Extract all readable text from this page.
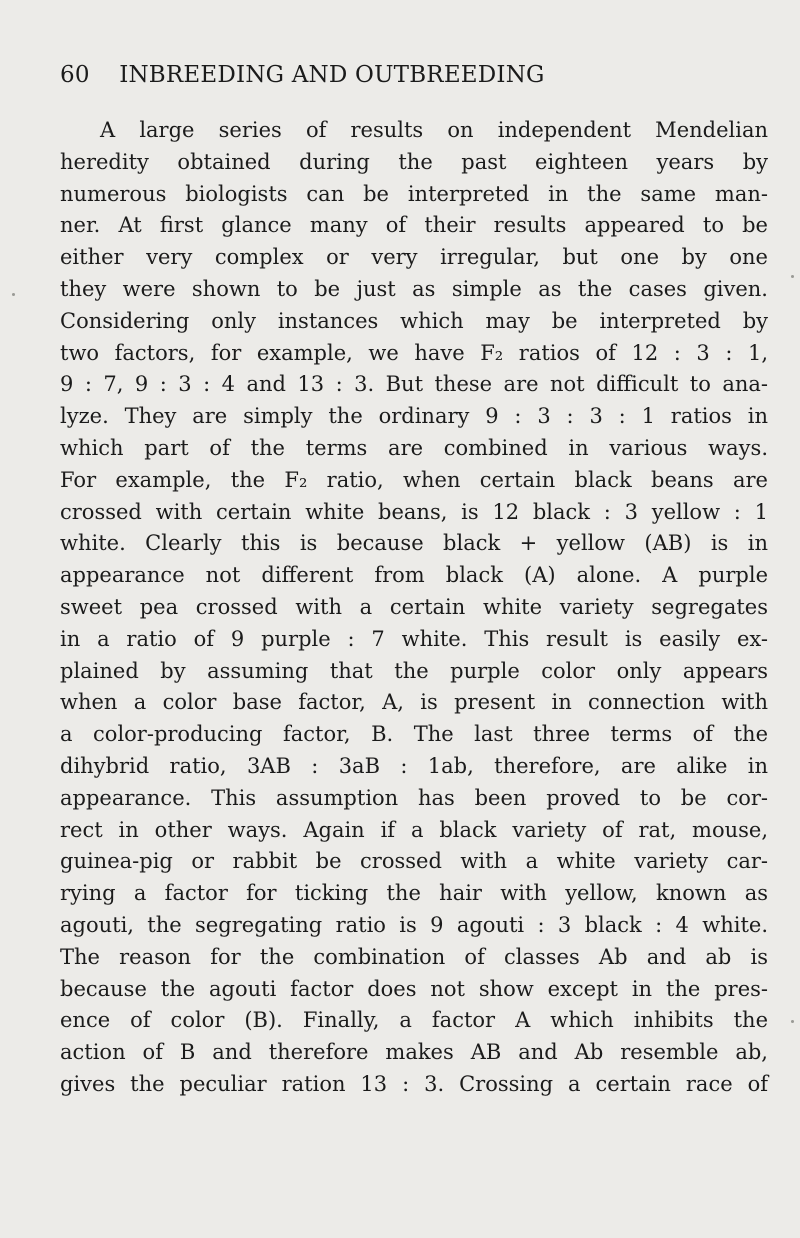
60 INBREEDING AND OUTBREEDING
A large series of results on independent Mendelian
heredity obtained during the past eighteen years by
numerous biologists can be interpreted in the same man-
ner. At first glance many of their results appeared to be
either very complex or very irregular, but one by one
they were shown to be just as simple as the cases given.
Considering only instances which may be interpreted by
two factors, for example, we have F₂ ratios of 12 : 3 : 1,
9 : 7, 9 : 3 : 4 and 13 : 3. But these are not difficult to ana-
lyze. They are simply the ordinary 9 : 3 : 3 : 1 ratios in
which part of the terms are combined in various ways.
For example, the F₂ ratio, when certain black beans are
crossed with certain white beans, is 12 black : 3 yellow : 1
white. Clearly this is because black + yellow (AB) is in
appearance not different from black (A) alone. A purple
sweet pea crossed with a certain white variety segregates
in a ratio of 9 purple : 7 white. This result is easily ex-
plained by assuming that the purple color only appears
when a color base factor, A, is present in connection with
a color-producing factor, B. The last three terms of the
dihybrid ratio, 3AB : 3aB : 1ab, therefore, are alike in
appearance. This assumption has been proved to be cor-
rect in other ways. Again if a black variety of rat, mouse,
guinea-pig or rabbit be crossed with a white variety car-
rying a factor for ticking the hair with yellow, known as
agouti, the segregating ratio is 9 agouti : 3 black : 4 white.
The reason for the combination of classes Ab and ab is
because the agouti factor does not show except in the pres-
ence of color (B). Finally, a factor A which inhibits the
action of B and therefore makes AB and Ab resemble ab,
gives the peculiar ration 13 : 3. Crossing a certain race of
